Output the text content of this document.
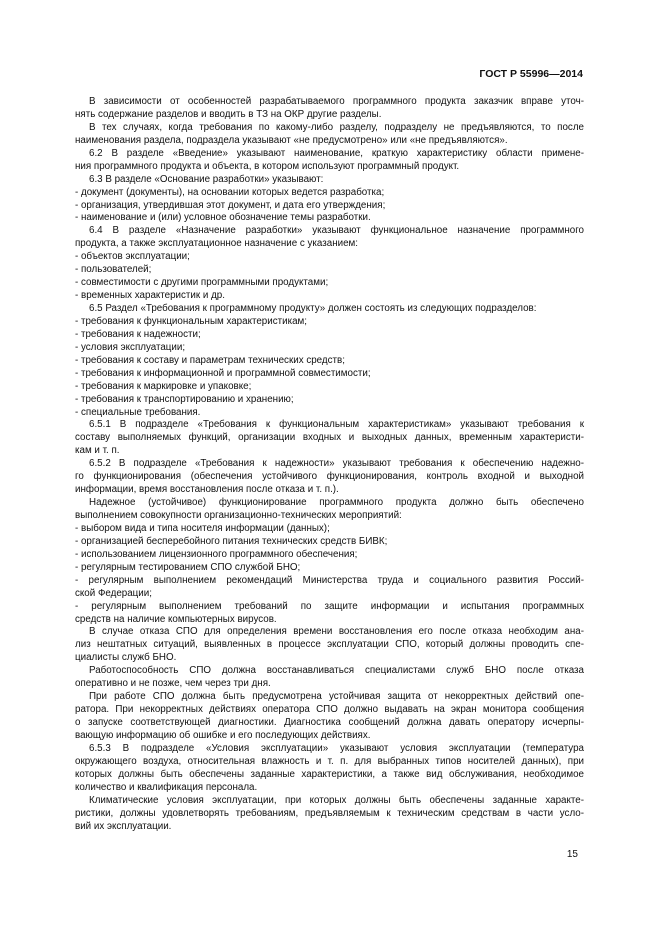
ГОСТ Р 55996—2014
В зависимости от особенностей разрабатываемого программного продукта заказчик вправе уточ-
нять содержание разделов и вводить в ТЗ на ОКР другие разделы.
В тех случаях, когда требования по какому-либо разделу, подразделу не предъявляются, то после
наименования раздела, подраздела указывают «не предусмотрено» или «не предъявляются».
6.2 В разделе «Введение» указывают наименование, краткую характеристику области примене-
ния программного продукта и объекта, в котором используют программный продукт.
6.3 В разделе «Основание разработки» указывают:
- документ (документы), на основании которых ведется разработка;
- организация, утвердившая этот документ, и дата его утверждения;
- наименование и (или) условное обозначение темы разработки.
6.4 В разделе «Назначение разработки» указывают функциональное назначение программного
продукта, а также эксплуатационное назначение с указанием:
- объектов эксплуатации;
- пользователей;
- совместимости с другими программными продуктами;
- временных характеристик и др.
6.5 Раздел «Требования к программному продукту» должен состоять из следующих подразделов:
- требования к функциональным характеристикам;
- требования к надежности;
- условия эксплуатации;
- требования к составу и параметрам технических средств;
- требования к информационной и программной совместимости;
- требования к маркировке и упаковке;
- требования к транспортированию и хранению;
- специальные требования.
6.5.1 В подразделе «Требования к функциональным характеристикам» указывают требования к
составу выполняемых функций, организации входных и выходных данных, временным характеристи-
кам и т. п.
6.5.2 В подразделе «Требования к надежности» указывают требования к обеспечению надежно-
го функционирования (обеспечения устойчивого функционирования, контроль входной и выходной
информации, время восстановления после отказа и т. п.).
Надежное (устойчивое) функционирование программного продукта должно быть обеспечено
выполнением совокупности организационно-технических мероприятий:
- выбором вида и типа носителя информации (данных);
- организацией бесперебойного питания технических средств БИВК;
- использованием лицензионного программного обеспечения;
- регулярным тестированием СПО службой БНО;
- регулярным выполнением рекомендаций Министерства труда и социального развития Россий-
ской Федерации;
- регулярным выполнением требований по защите информации и испытания программных
средств на наличие компьютерных вирусов.
В случае отказа СПО для определения времени восстановления его после отказа необходим ана-
лиз нештатных ситуаций, выявленных в процессе эксплуатации СПО, который должны проводить спе-
циалисты служб БНО.
Работоспособность СПО должна восстанавливаться специалистами служб БНО после отказа
оперативно и не позже, чем через три дня.
При работе СПО должна быть предусмотрена устойчивая защита от некорректных действий опе-
ратора. При некорректных действиях оператора СПО должно выдавать на экран монитора сообщения
о запуске соответствующей диагностики. Диагностика сообщений должна давать оператору исчерпы-
вающую информацию об ошибке и его последующих действиях.
6.5.3 В подразделе «Условия эксплуатации» указывают условия эксплуатации (температура
окружающего воздуха, относительная влажность и т. п. для выбранных типов носителей данных), при
которых должны быть обеспечены заданные характеристики, а также вид обслуживания, необходимое
количество и квалификация персонала.
Климатические условия эксплуатации, при которых должны быть обеспечены заданные характе-
ристики, должны удовлетворять требованиям, предъявляемым к техническим средствам в части усло-
вий их эксплуатации.
15
